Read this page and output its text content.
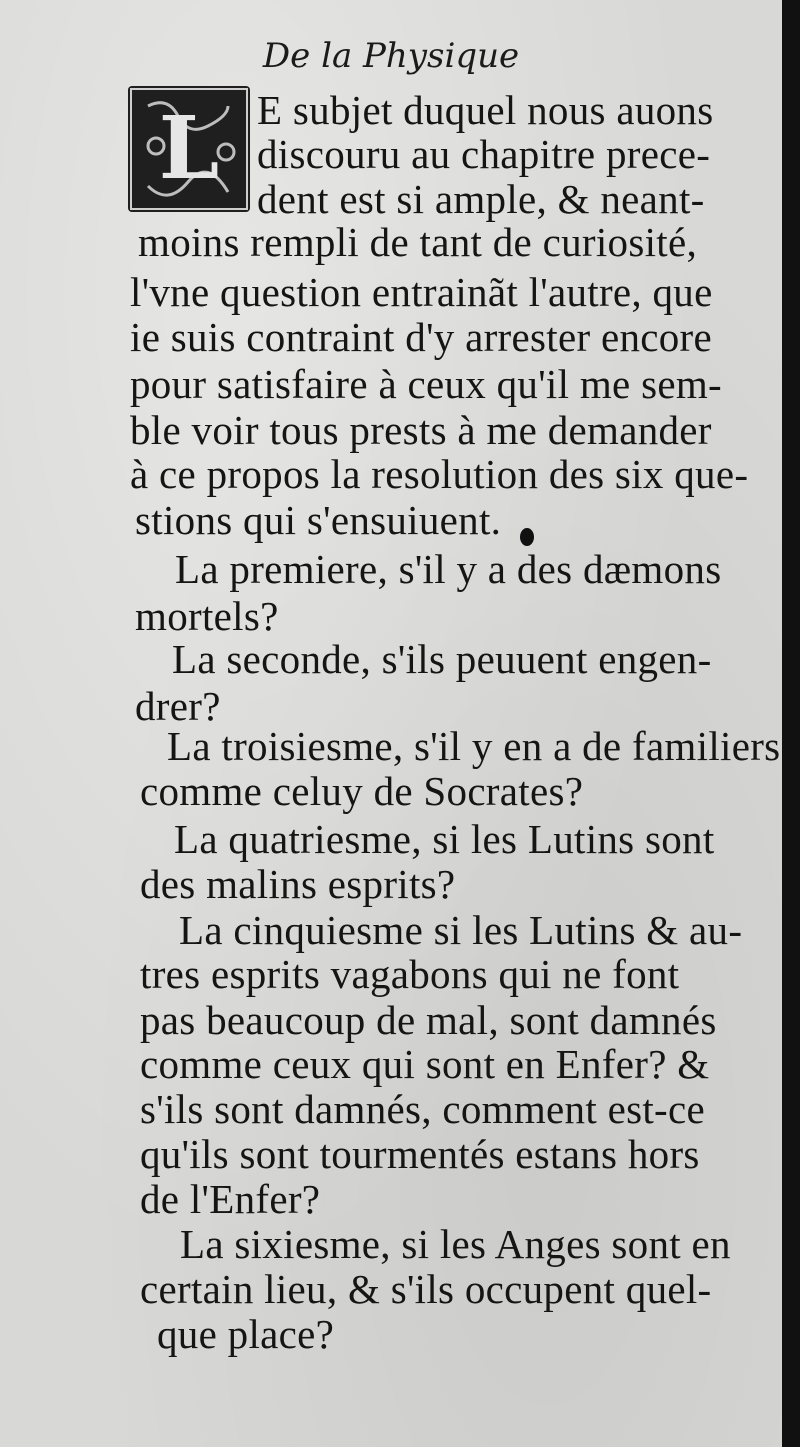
De la Physique
L E subjet duquel nous auons
discouru au chapitre prece-
dent est si ample, & neant-
moins rempli de tant de curiosité,
l'vne question entrainãt l'autre, que
ie suis contraint d'y arrester encore
pour satisfaire à ceux qu'il me sem-
ble voir tous prests à me demander
à ce propos la resolution des six que-
stions qui s'ensuiuent.
La premiere, s'il y a des dæmons
mortels?
La seconde, s'ils peuuent engen-
drer?
La troisiesme, s'il y en a de familiers
comme celuy de Socrates?
La quatriesme, si les Lutins sont
des malins esprits?
La cinquiesme si les Lutins & au-
tres esprits vagabons qui ne font
pas beaucoup de mal, sont damnés
comme ceux qui sont en Enfer? &
s'ils sont damnés, comment est-ce
qu'ils sont tourmentés estans hors
de l'Enfer?
La sixiesme, si les Anges sont en
certain lieu, & s'ils occupent quel-
que place?
